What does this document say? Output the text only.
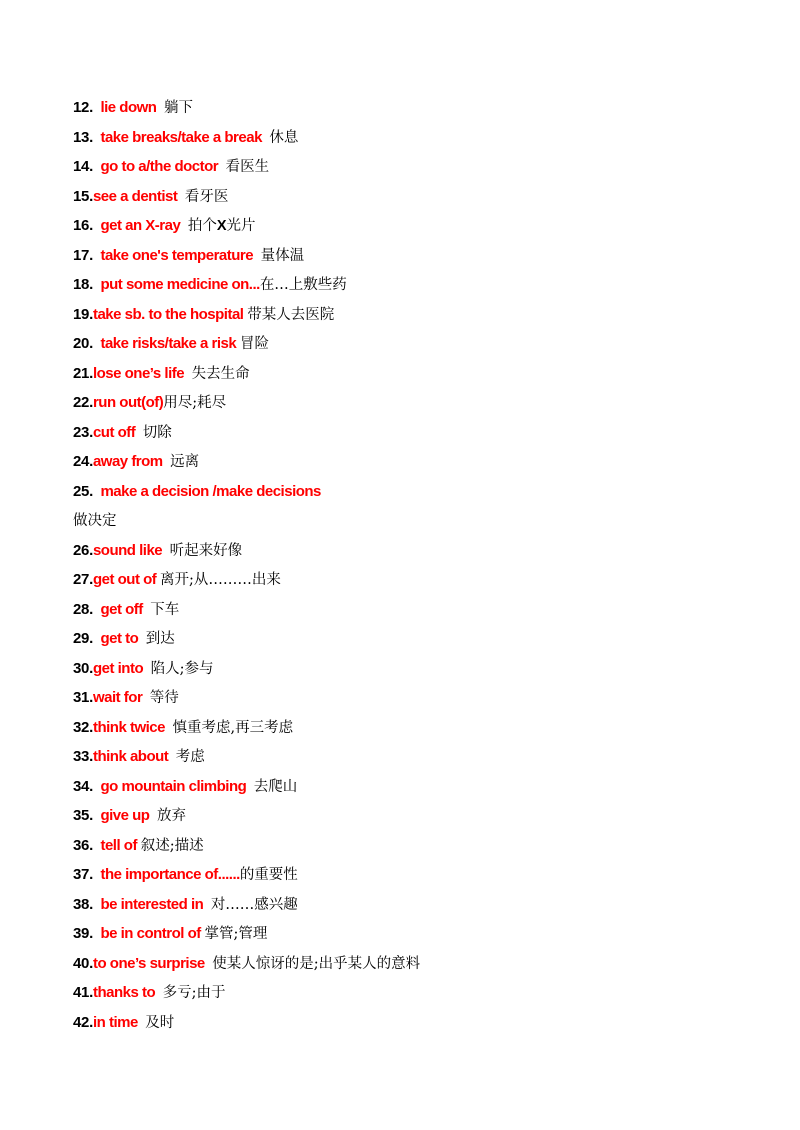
12. lie down 躺下
13. take breaks/take a break 休息
14. go to a/the doctor 看医生
15.see a dentist 看牙医
16. get an X-ray 拍个X光片
17. take one's temperature 量体温
18. put some medicine on...在…上敷些药
19.take sb. to the hospital 带某人去医院
20. take risks/take a risk 冒险
21.lose one’s life 失去生命
22.run out(of)用尽;耗尽
23.cut off 切除
24.away from 远离
25. make a decision /make decisions
做决定
26.sound like 听起来好像
27.get out of 离开;从………出来
28. get off 下车
29. get to 到达
30.get into 陷人;参与
31.wait for 等待
32.think twice 慎重考虑,再三考虑
33.think about 考虑
34. go mountain climbing 去爬山
35. give up 放弃
36. tell of 叙述;描述
37. the importance of......的重要性
38. be interested in 对……感兴趣
39. be in control of 掌管;管理
40.to one’s surprise 使某人惊讶的是;出乎某人的意料
41.thanks to 多亏;由于
42.in time 及时
